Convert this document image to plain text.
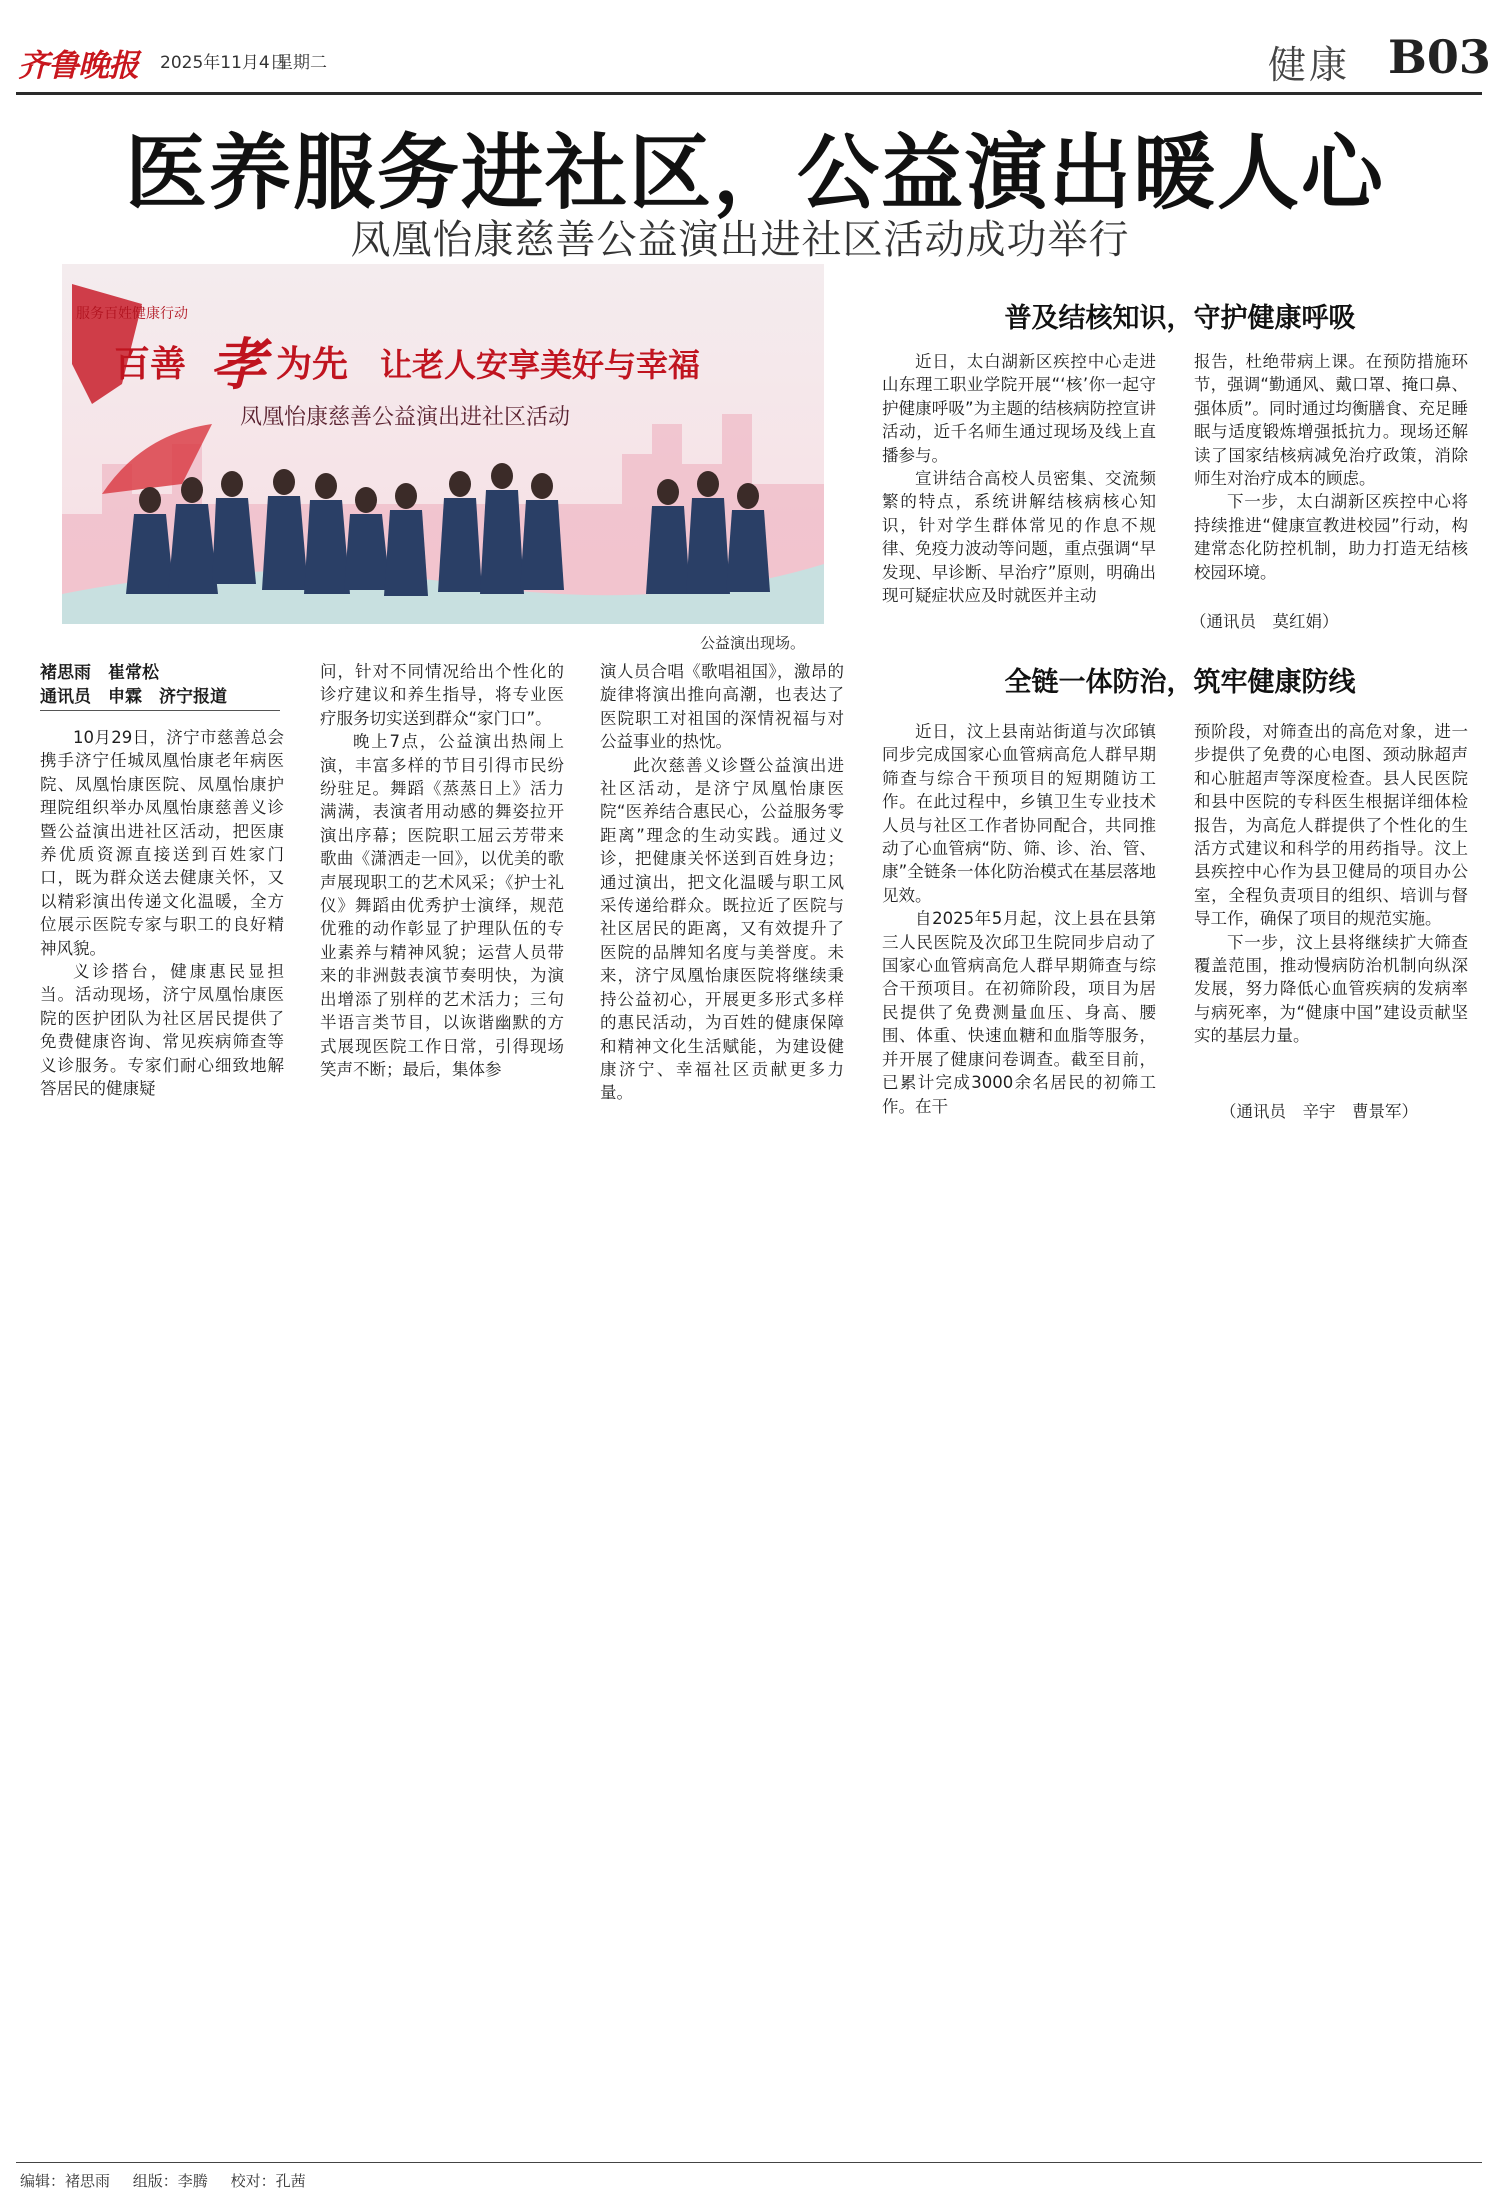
齐鲁晚报 2025年11月4日
星期二	健康 B03
医养服务进社区，公益演出暖人心
凤凰怡康慈善公益演出进社区活动成功举行
服务百姓健康行动
百善 孝 为先 让老人安享美好与幸福
凤凰怡康慈善公益演出进社区活动
公益演出现场。
褚思雨　崔常松
通讯员　申霖　济宁报道

10月29日，济宁市慈善总会携手济宁任城凤凰怡康老年病医院、凤凰怡康医院、凤凰怡康护理院组织举办凤凰怡康慈善义诊暨公益演出进社区活动，把医康养优质资源直接送到百姓家门口，既为群众送去健康关怀，又以精彩演出传递文化温暖，全方位展示医院专家与职工的良好精神风貌。

义诊搭台，健康惠民显担当。活动现场，济宁凤凰怡康医院的医护团队为社区居民提供了免费健康咨询、常见疾病筛查等义诊服务。专家们耐心细致地解答居民的健康疑

问，针对不同情况给出个性化的诊疗建议和养生指导，将专业医疗服务切实送到群众“家门口”。

晚上7点，公益演出热闹上演，丰富多样的节目引得市民纷纷驻足。舞蹈《蒸蒸日上》活力满满，表演者用动感的舞姿拉开演出序幕；医院职工屈云芳带来歌曲《潇洒走一回》，以优美的歌声展现职工的艺术风采；《护士礼仪》舞蹈由优秀护士演绎，规范优雅的动作彰显了护理队伍的专业素养与精神风貌；运营人员带来的非洲鼓表演节奏明快，为演出增添了别样的艺术活力；三句半语言类节目，以诙谐幽默的方式展现医院工作日常，引得现场笑声不断；最后，集体参

演人员合唱《歌唱祖国》，激昂的旋律将演出推向高潮，也表达了医院职工对祖国的深情祝福与对公益事业的热忱。

此次慈善义诊暨公益演出进社区活动，是济宁凤凰怡康医院“医养结合惠民心，公益服务零距离”理念的生动实践。通过义诊，把健康关怀送到百姓身边；通过演出，把文化温暖与职工风采传递给群众。既拉近了医院与社区居民的距离，又有效提升了医院的品牌知名度与美誉度。未来，济宁凤凰怡康医院将继续秉持公益初心，开展更多形式多样的惠民活动，为百姓的健康保障和精神文化生活赋能，为建设健康济宁、幸福社区贡献更多力量。

普及结核知识，守护健康呼吸

近日，太白湖新区疾控中心走进山东理工职业学院开展“‘核’你一起守护健康呼吸”为主题的结核病防控宣讲活动，近千名师生通过现场及线上直播参与。

宣讲结合高校人员密集、交流频繁的特点，系统讲解结核病核心知识，针对学生群体常见的作息不规律、免疫力波动等问题，重点强调“早发现、早诊断、早治疗”原则，明确出现可疑症状应及时就医并主动

报告，杜绝带病上课。在预防措施环节，强调“勤通风、戴口罩、掩口鼻、强体质”。同时通过均衡膳食、充足睡眠与适度锻炼增强抵抗力。现场还解读了国家结核病减免治疗政策，消除师生对治疗成本的顾虑。

下一步，太白湖新区疾控中心将持续推进“健康宣教进校园”行动，构建常态化防控机制，助力打造无结核校园环境。

（通讯员　莫红娟）
全链一体防治，筑牢健康防线

近日，汶上县南站街道与次邱镇同步完成国家心血管病高危人群早期筛查与综合干预项目的短期随访工作。在此过程中，乡镇卫生专业技术人员与社区工作者协同配合，共同推动了心血管病“防、筛、诊、治、管、康”全链条一体化防治模式在基层落地见效。

自2025年5月起，汶上县在县第三人民医院及次邱卫生院同步启动了国家心血管病高危人群早期筛查与综合干预项目。在初筛阶段，项目为居民提供了免费测量血压、身高、腰围、体重、快速血糖和血脂等服务，并开展了健康问卷调查。截至目前，已累计完成3000余名居民的初筛工作。在干

预阶段，对筛查出的高危对象，进一步提供了免费的心电图、颈动脉超声和心脏超声等深度检查。县人民医院和县中医院的专科医生根据详细体检报告，为高危人群提供了个性化的生活方式建议和科学的用药指导。汶上县疾控中心作为县卫健局的项目办公室，全程负责项目的组织、培训与督导工作，确保了项目的规范实施。

下一步，汶上县将继续扩大筛查覆盖范围，推动慢病防治机制向纵深发展，努力降低心血管疾病的发病率与病死率，为“健康中国”建设贡献坚实的基层力量。

（通讯员　辛宇　曹景军）
编辑：褚思雨 组版：李腾 校对：孔茜
